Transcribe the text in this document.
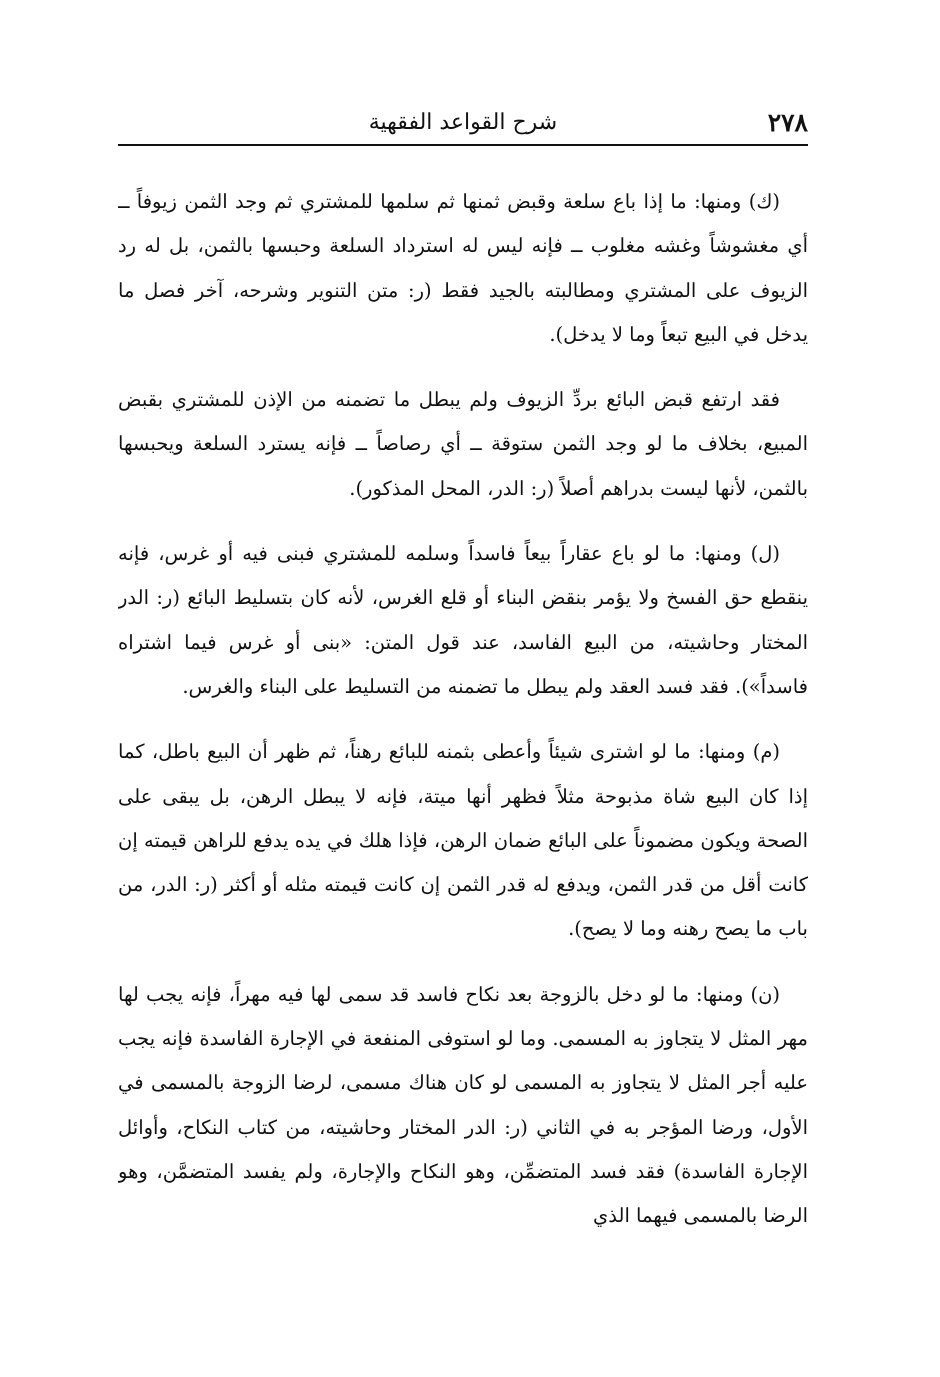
٢٧٨
شرح القواعد الفقهية

(ك) ومنها: ما إذا باع سلعة وقبض ثمنها ثم سلمها للمشتري ثم وجد الثمن زيوفاً ــ أي مغشوشاً وغشه مغلوب ــ فإنه ليس له استرداد السلعة وحبسها بالثمن، بل له رد الزيوف على المشتري ومطالبته بالجيد فقط (ر: متن التنوير وشرحه، آخر فصل ما يدخل في البيع تبعاً وما لا يدخل).

فقد ارتفع قبض البائع بردِّ الزيوف ولم يبطل ما تضمنه من الإذن للمشتري بقبض المبيع، بخلاف ما لو وجد الثمن ستوقة ــ أي رصاصاً ــ فإنه يسترد السلعة ويحبسها بالثمن، لأنها ليست بدراهم أصلاً (ر: الدر، المحل المذكور).

(ل) ومنها: ما لو باع عقاراً بيعاً فاسداً وسلمه للمشتري فبنى فيه أو غرس، فإنه ينقطع حق الفسخ ولا يؤمر بنقض البناء أو قلع الغرس، لأنه كان بتسليط البائع (ر: الدر المختار وحاشيته، من البيع الفاسد، عند قول المتن: «بنى أو غرس فيما اشتراه فاسداً»). فقد فسد العقد ولم يبطل ما تضمنه من التسليط على البناء والغرس.

(م) ومنها: ما لو اشترى شيئاً وأعطى بثمنه للبائع رهناً، ثم ظهر أن البيع باطل، كما إذا كان البيع شاة مذبوحة مثلاً فظهر أنها ميتة، فإنه لا يبطل الرهن، بل يبقى على الصحة ويكون مضموناً على البائع ضمان الرهن، فإذا هلك في يده يدفع للراهن قيمته إن كانت أقل من قدر الثمن، ويدفع له قدر الثمن إن كانت قيمته مثله أو أكثر (ر: الدر، من باب ما يصح رهنه وما لا يصح).

(ن) ومنها: ما لو دخل بالزوجة بعد نكاح فاسد قد سمى لها فيه مهراً، فإنه يجب لها مهر المثل لا يتجاوز به المسمى. وما لو استوفى المنفعة في الإجارة الفاسدة فإنه يجب عليه أجر المثل لا يتجاوز به المسمى لو كان هناك مسمى، لرضا الزوجة بالمسمى في الأول، ورضا المؤجر به في الثاني (ر: الدر المختار وحاشيته، من كتاب النكاح، وأوائل الإجارة الفاسدة) فقد فسد المتضمِّن، وهو النكاح والإجارة، ولم يفسد المتضمَّن، وهو الرضا بالمسمى فيهما الذي
